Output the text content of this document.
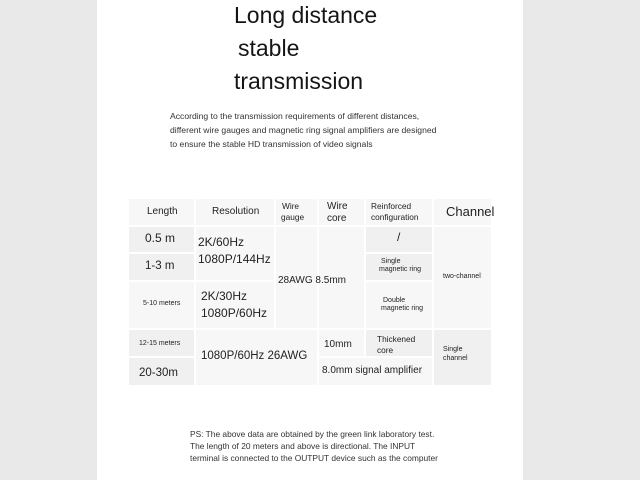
Long distance
stable
transmission
According to the transmission requirements of different distances,
different wire gauges and magnetic ring signal amplifiers are designed
to ensure the stable HD transmission of video signals
Length	Resolution	Wire
gauge
Wire
core
Reinforced
configuration Channel
0.5 m
1-3 m
5-10 meters
12-15 meters
20-30m
2K/60Hz
1080P/144Hz
2K/30Hz
1080P/60Hz
1080P/60Hz 26AWG
28AWG 8.5mm
10mm
8.0mm signal amplifier
/
Single
magnetic ring
Double
magnetic ring
Thickened
core
two-channel
Single
channel
PS: The above data are obtained by the green link laboratory test.
The length of 20 meters and above is directional. The INPUT
terminal is connected to the OUTPUT device such as the computer
